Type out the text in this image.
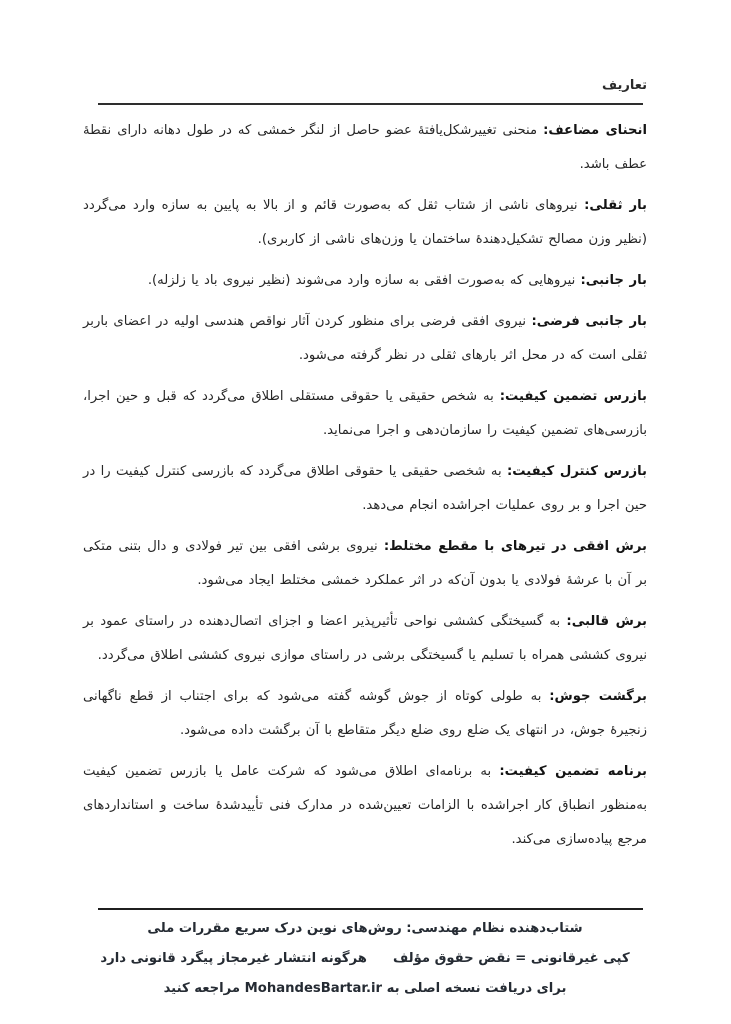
تعاریف

انحنای مضاعف: منحنی تغییرشکل‌یافتۀ عضو حاصل از لنگر خمشی که در طول دهانه دارای نقطۀ عطف باشد.

بار ثقلی: نیروهای ناشی از شتاب ثقل که به‌صورت قائم و از بالا به پایین به سازه وارد می‌گردد (نظیر وزن مصالح تشکیل‌دهندۀ ساختمان یا وزن‌های ناشی از کاربری).

بار جانبی: نیروهایی که به‌صورت افقی به سازه وارد می‌شوند (نظیر نیروی باد یا زلزله).

بار جانبی فرضی: نیروی افقی فرضی برای منظور کردن آثار نواقص هندسی اولیه در اعضای باربر ثقلی است که در محل اثر بارهای ثقلی در نظر گرفته می‌شود.

بازرس تضمین کیفیت: به شخص حقیقی یا حقوقی مستقلی اطلاق می‌گردد که قبل و حین اجرا، بازرسی‌های تضمین کیفیت را سازمان‌دهی و اجرا می‌نماید.

بازرس کنترل کیفیت: به شخصی حقیقی یا حقوقی اطلاق می‌گردد که بازرسی کنترل کیفیت را در حین اجرا و بر روی عملیات اجراشده انجام می‌دهد.

برش افقی در تیرهای با مقطع مختلط: نیروی برشی افقی بین تیر فولادی و دال بتنی متکی بر آن با عرشۀ فولادی یا بدون آن‌که در اثر عملکرد خمشی مختلط ایجاد می‌شود.

برش قالبی: به گسیختگی کششی نواحی تأثیرپذیر اعضا و اجزای اتصال‌دهنده در راستای عمود بر نیروی کششی همراه با تسلیم یا گسیختگی برشی در راستای موازی نیروی کششی اطلاق می‌گردد.

برگشت جوش: به طولی کوتاه از جوش گوشه گفته می‌شود که برای اجتناب از قطع ناگهانی زنجیرۀ جوش، در انتهای یک ضلع روی ضلع دیگر متقاطع با آن برگشت داده می‌شود.

برنامه تضمین کیفیت: به برنامه‌ای اطلاق می‌شود که شرکت عامل یا بازرس تضمین کیفیت به‌منظور انطباق کار اجراشده با الزامات تعیین‌شده در مدارک فنی تأییدشدۀ ساخت و استانداردهای مرجع پیاده‌سازی می‌کند.

شتاب‌دهنده نظام مهندسی: روش‌های نوین درک سریع مقررات ملی
کپی غیرقانونی = نقض حقوق مؤلف
هرگونه انتشار غیرمجاز پیگرد قانونی دارد
برای دریافت نسخه اصلی به MohandesBartar.ir مراجعه کنید
